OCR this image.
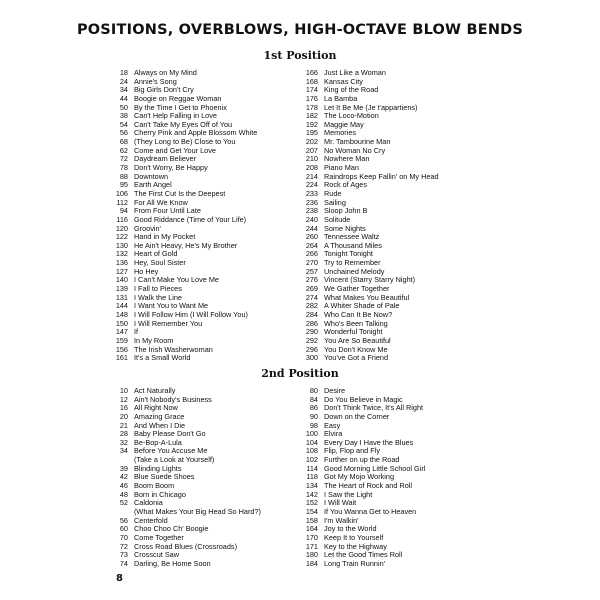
POSITIONS, OVERBLOWS, HIGH-OCTAVE BLOW BENDS
1st Position
18 Always on My Mind
24 Annie's Song
34 Big Girls Don't Cry
44 Boogie on Reggae Woman
50 By the Time I Get to Phoenix
38 Can't Help Falling in Love
54 Can't Take My Eyes Off of You
56 Cherry Pink and Apple Blossom White
68 (They Long to Be) Close to You
62 Come and Get Your Love
72 Daydream Believer
78 Don't Worry, Be Happy
88 Downtown
95 Earth Angel
106 The First Cut Is the Deepest
112 For All We Know
94 From Four Until Late
116 Good Riddance (Time of Your Life)
120 Groovin'
122 Hand in My Pocket
130 He Ain't Heavy, He's My Brother
132 Heart of Gold
136 Hey, Soul Sister
127 Ho Hey
140 I Can't Make You Love Me
139 I Fall to Pieces
131 I Walk the Line
144 I Want You to Want Me
148 I Will Follow Him (I Will Follow You)
150 I Will Remember You
147 If
159 In My Room
156 The Irish Washerwoman
161 It's a Small World
166 Just Like a Woman
168 Kansas City
174 King of the Road
176 La Bamba
178 Let It Be Me (Je t'appartiens)
182 The Loco-Motion
192 Maggie May
195 Memories
202 Mr. Tambourine Man
207 No Woman No Cry
210 Nowhere Man
208 Piano Man
214 Raindrops Keep Fallin' on My Head
224 Rock of Ages
233 Rude
236 Sailing
238 Sloop John B
240 Solitude
244 Some Nights
260 Tennessee Waltz
264 A Thousand Miles
266 Tonight Tonight
270 Try to Remember
257 Unchained Melody
276 Vincent (Starry Starry Night)
269 We Gather Together
274 What Makes You Beautiful
282 A Whiter Shade of Pale
284 Who Can It Be Now?
286 Who's Been Talking
290 Wonderful Tonight
292 You Are So Beautiful
296 You Don't Know Me
300 You've Got a Friend
2nd Position
10 Act Naturally
12 Ain't Nobody's Business
16 All Right Now
20 Amazing Grace
21 And When I Die
28 Baby Please Don't Go
32 Be-Bop-A-Lula
34 Before You Accuse Me
(Take a Look at Yourself)
39 Blinding Lights
42 Blue Suede Shoes
46 Boom Boom
48 Born in Chicago
52 Caldonia
(What Makes Your Big Head So Hard?)
56 Centerfold
60 Choo Choo Ch' Boogie
70 Come Together
72 Cross Road Blues (Crossroads)
73 Crosscut Saw
74 Darling, Be Home Soon
80 Desire
84 Do You Believe in Magic
86 Don't Think Twice, It's All Right
90 Down on the Corner
98 Easy
100 Elvira
104 Every Day I Have the Blues
108 Flip, Flop and Fly
102 Further on up the Road
114 Good Morning Little School Girl
118 Got My Mojo Working
134 The Heart of Rock and Roll
142 I Saw the Light
152 I Will Wait
154 If You Wanna Get to Heaven
158 I'm Walkin'
164 Joy to the World
170 Keep It to Yourself
171 Key to the Highway
180 Let the Good Times Roll
184 Long Train Runnin'
8
